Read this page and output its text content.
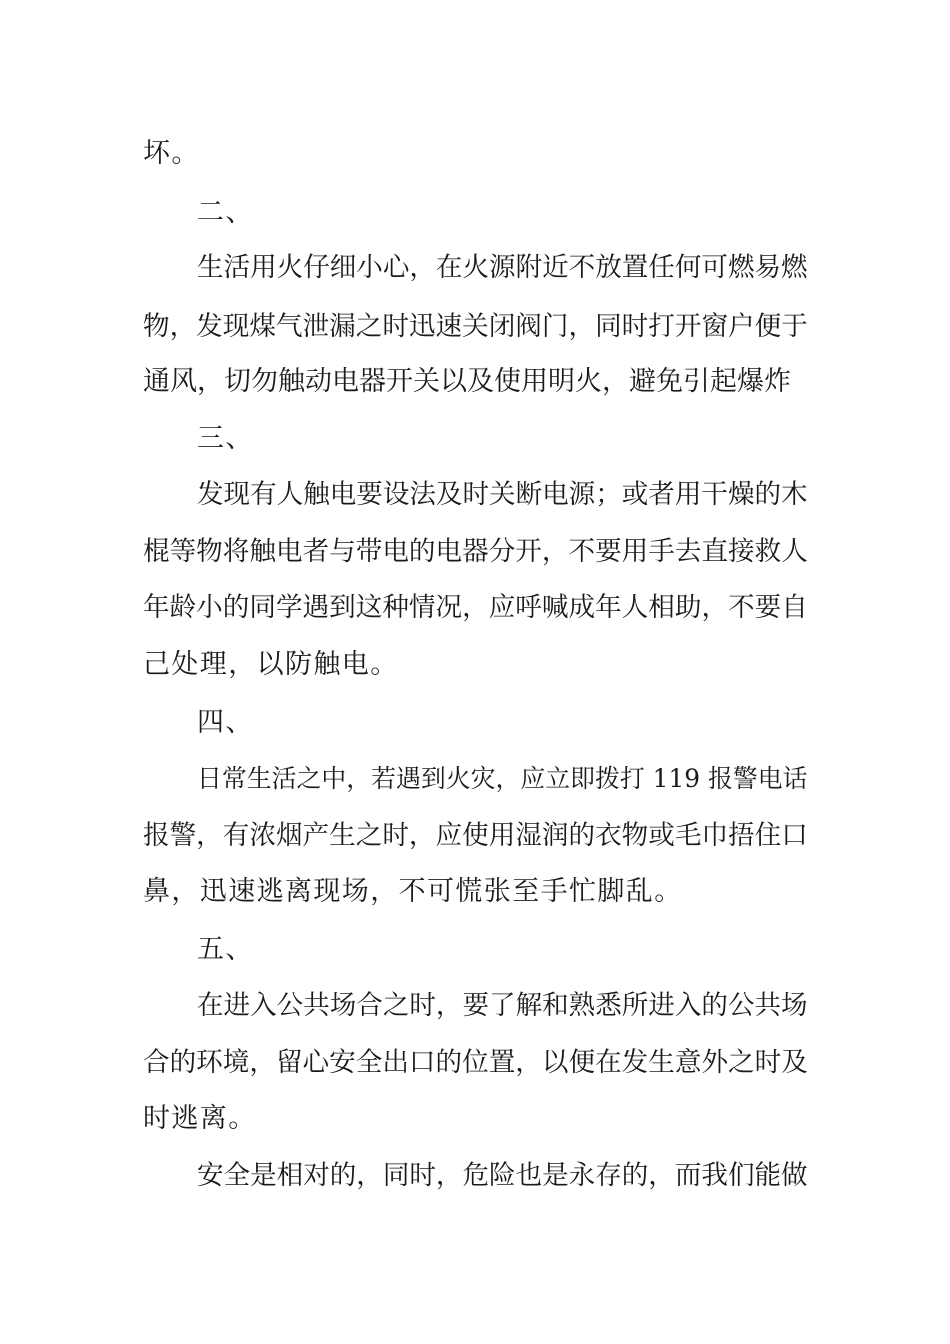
坏。
二、
生活用火仔细小心，在火源附近不放置任何可燃易燃
物，发现煤气泄漏之时迅速关闭阀门，同时打开窗户便于
通风，切勿触动电器开关以及使用明火，避免引起爆炸
三、
发现有人触电要设法及时关断电源；或者用干燥的木
棍等物将触电者与带电的电器分开，不要用手去直接救人
年龄小的同学遇到这种情况，应呼喊成年人相助，不要自
己处理，以防触电。
四、
日常生活之中，若遇到火灾，应立即拨打 119 报警电话
报警，有浓烟产生之时，应使用湿润的衣物或毛巾捂住口
鼻，迅速逃离现场，不可慌张至手忙脚乱。
五、
在进入公共场合之时，要了解和熟悉所进入的公共场
合的环境，留心安全出口的位置，以便在发生意外之时及
时逃离。
安全是相对的，同时，危险也是永存的，而我们能做
